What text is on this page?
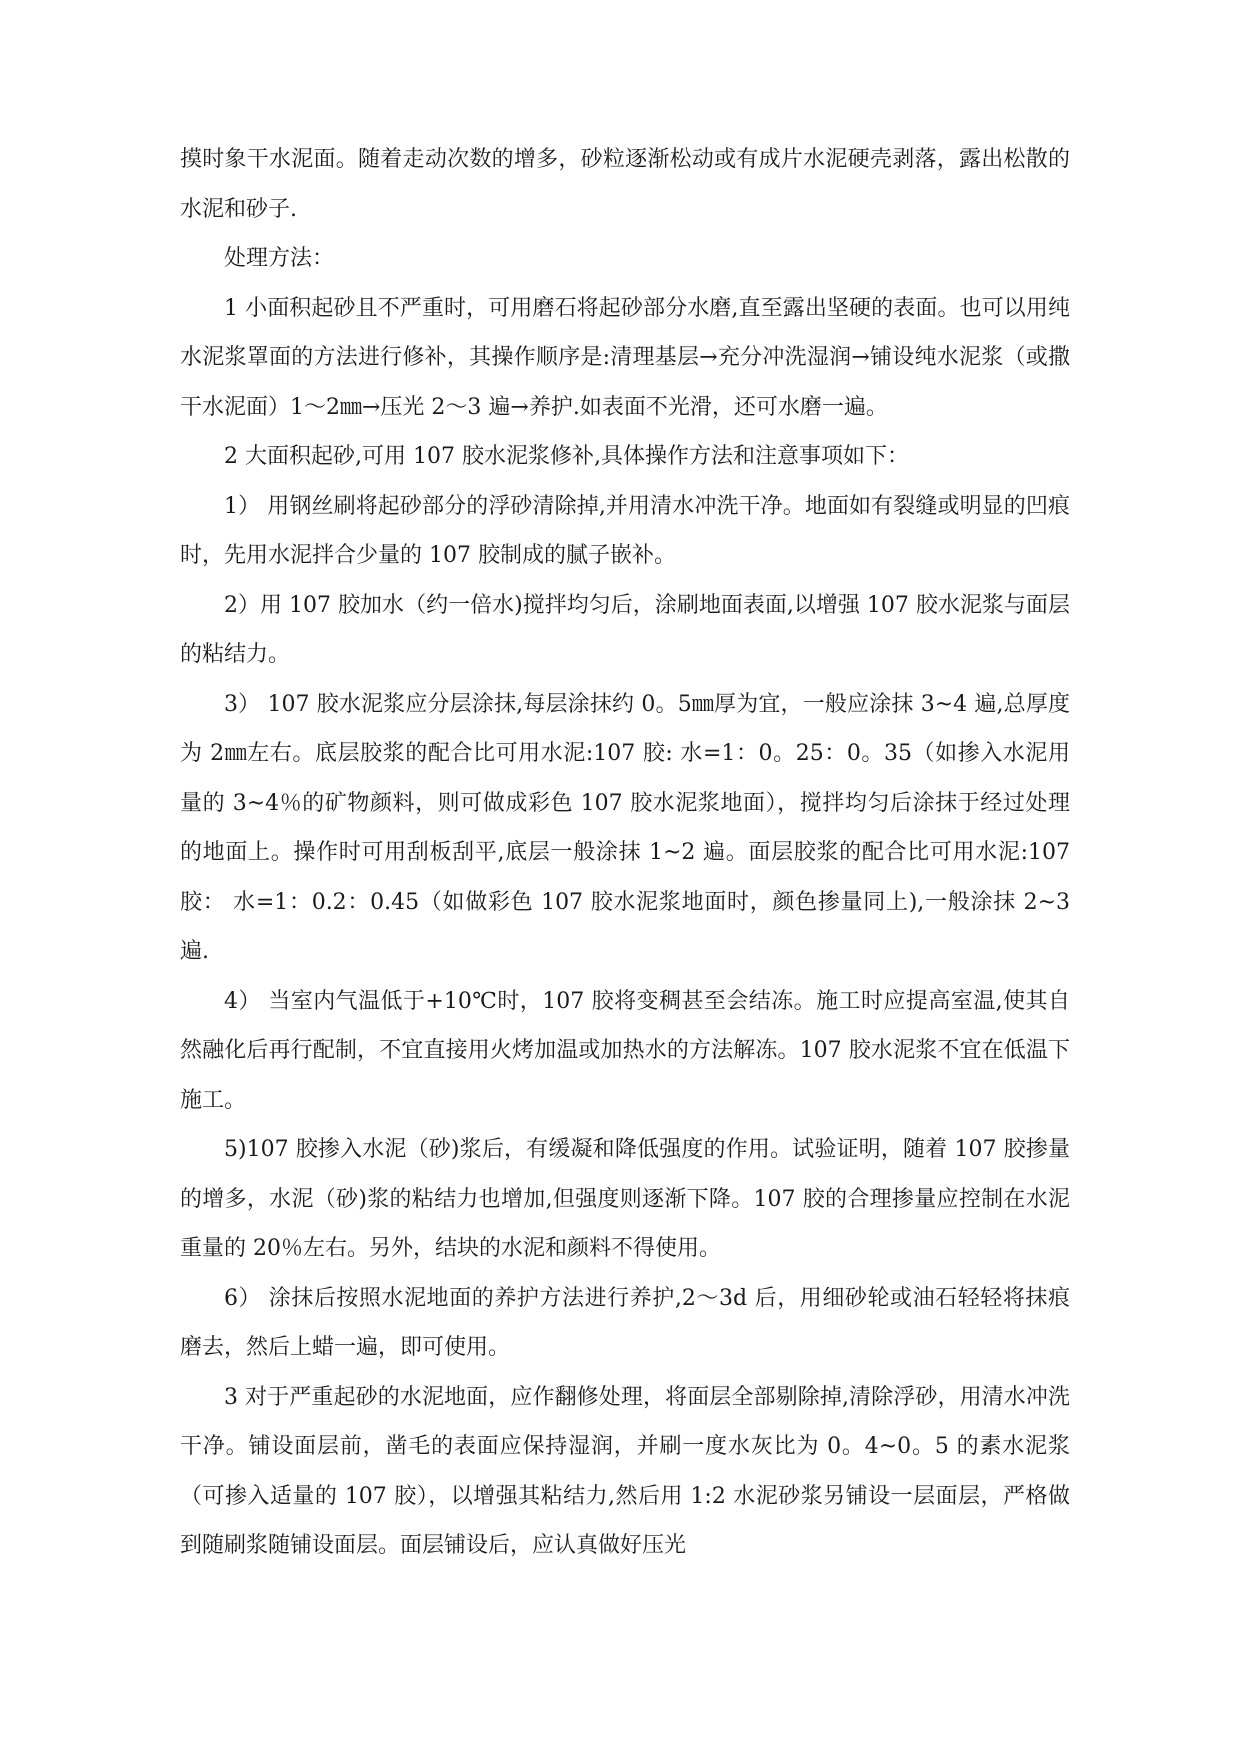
摸时象干水泥面。随着走动次数的增多，砂粒逐渐松动或有成片水泥硬壳剥落，露出松散的水泥和砂子.

处理方法：

1 小面积起砂且不严重时，可用磨石将起砂部分水磨,直至露出坚硬的表面。也可以用纯水泥浆罩面的方法进行修补，其操作顺序是:清理基层→充分冲洗湿润→铺设纯水泥浆（或撒干水泥面）1～2㎜→压光 2～3 遍→养护.如表面不光滑，还可水磨一遍。

2 大面积起砂,可用 107 胶水泥浆修补,具体操作方法和注意事项如下：

1） 用钢丝刷将起砂部分的浮砂清除掉,并用清水冲洗干净。地面如有裂缝或明显的凹痕时，先用水泥拌合少量的 107 胶制成的腻子嵌补。

2）用 107 胶加水（约一倍水)搅拌均匀后，涂刷地面表面,以增强 107 胶水泥浆与面层的粘结力。

3） 107 胶水泥浆应分层涂抹,每层涂抹约 0。5㎜厚为宜，一般应涂抹 3~4 遍,总厚度为 2㎜左右。底层胶浆的配合比可用水泥:107 胶: 水=1：0。25：0。35（如掺入水泥用量的 3~4％的矿物颜料，则可做成彩色 107 胶水泥浆地面），搅拌均匀后涂抹于经过处理的地面上。操作时可用刮板刮平,底层一般涂抹 1~2 遍。面层胶浆的配合比可用水泥:107 胶： 水=1：0.2：0.45（如做彩色 107 胶水泥浆地面时，颜色掺量同上),一般涂抹 2~3 遍.

4） 当室内气温低于+10℃时，107 胶将变稠甚至会结冻。施工时应提高室温,使其自然融化后再行配制，不宜直接用火烤加温或加热水的方法解冻。107 胶水泥浆不宜在低温下施工。

5)107 胶掺入水泥（砂)浆后，有缓凝和降低强度的作用。试验证明，随着 107 胶掺量的增多，水泥（砂)浆的粘结力也增加,但强度则逐渐下降。107 胶的合理掺量应控制在水泥重量的 20％左右。另外，结块的水泥和颜料不得使用。

6） 涂抹后按照水泥地面的养护方法进行养护,2～3d 后，用细砂轮或油石轻轻将抹痕磨去，然后上蜡一遍，即可使用。

3 对于严重起砂的水泥地面，应作翻修处理，将面层全部剔除掉,清除浮砂，用清水冲洗干净。铺设面层前，凿毛的表面应保持湿润，并刷一度水灰比为 0。4~0。5 的素水泥浆（可掺入适量的 107 胶），以增强其粘结力,然后用 1:2 水泥砂浆另铺设一层面层，严格做到随刷浆随铺设面层。面层铺设后，应认真做好压光
